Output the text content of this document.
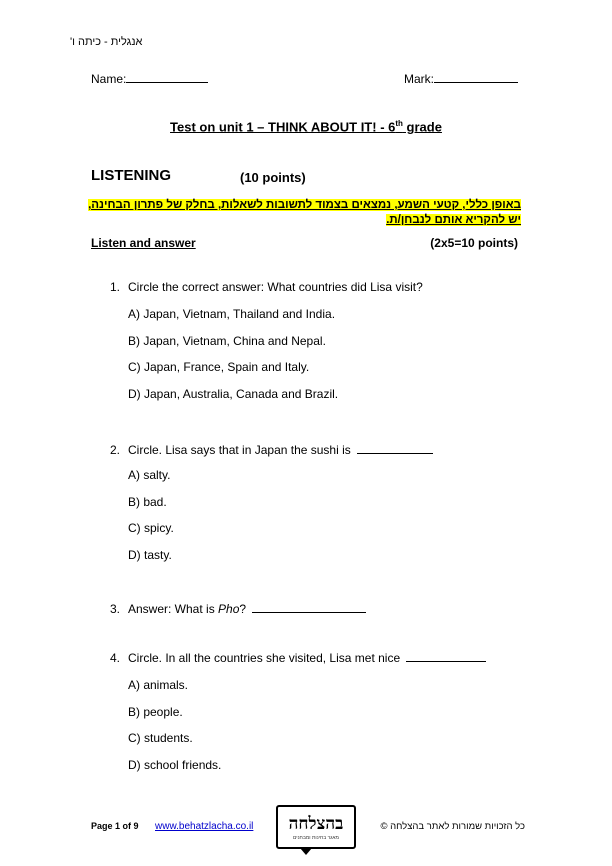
אנגלית - כיתה ו'
Name:	Mark:
Test on unit 1 – THINK ABOUT IT! - 6th grade
LISTENING	(10 points)
באופן כללי, קטעי השמע, נמצאים בצמוד לתשובות לשאלות, בחלק של פתרון הבחינה,
יש להקריא אותם לנבחן/ת.
Listen and answer	(2x5=10 points)
1. Circle the correct answer: What countries did Lisa visit?
A) Japan, Vietnam, Thailand and India.
B) Japan, Vietnam, China and Nepal.
C) Japan, France, Spain and Italy.
D) Japan, Australia, Canada and Brazil.
2. Circle. Lisa says that in Japan the sushi is
A) salty.
B) bad.
C) spicy.
D) tasty.
3. Answer: What is Pho?
4. Circle. In all the countries she visited, Lisa met nice
A) animals.
B) people.
C) students.
D) school friends.
Page 1 of 9 www.behatzlacha.co.il בהצלחה
מאגר בחינות ומבחנים
כל הזכויות שמורות לאתר בהצלחה ©
